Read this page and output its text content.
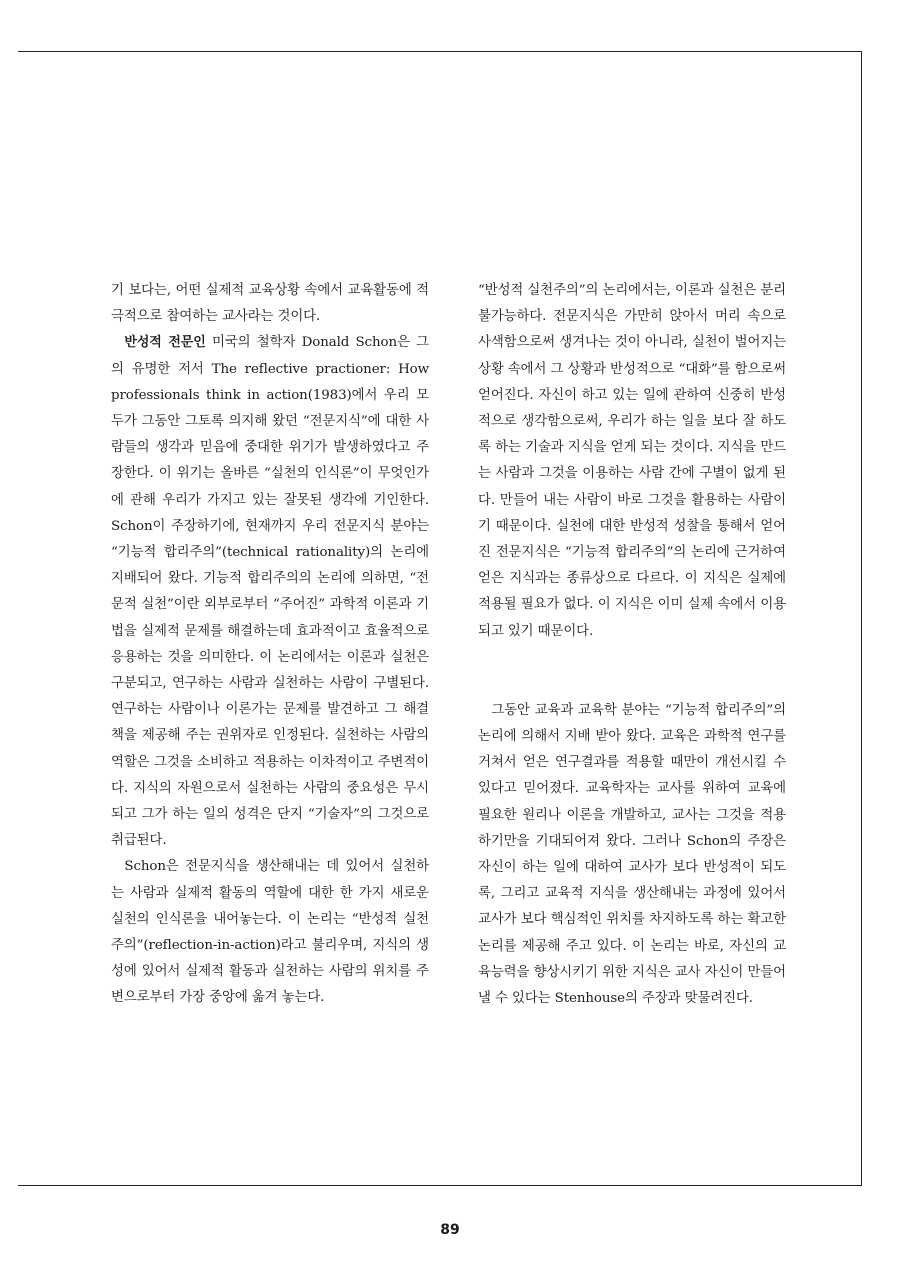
기 보다는, 어떤 실제적 교육상황 속에서 교육활동에 적극적으로 참여하는 교사라는 것이다.

반성적 전문인 미국의 철학자 Donald Schon은 그의 유명한 저서 The reflective practioner: How professionals think in action(1983)에서 우리 모두가 그동안 그토록 의지해 왔던 “전문지식”에 대한 사람들의 생각과 믿음에 중대한 위기가 발생하였다고 주장한다. 이 위기는 올바른 “실천의 인식론”이 무엇인가에 관해 우리가 가지고 있는 잘못된 생각에 기인한다. Schon이 주장하기에, 현재까지 우리 전문지식 분야는 “기능적 합리주의”(technical rationality)의 논리에 지배되어 왔다. 기능적 합리주의의 논리에 의하면, “전문적 실천”이란 외부로부터 “주어진” 과학적 이론과 기법을 실제적 문제를 해결하는데 효과적이고 효율적으로 응용하는 것을 의미한다. 이 논리에서는 이론과 실천은 구분되고, 연구하는 사람과 실천하는 사람이 구별된다. 연구하는 사람이나 이론가는 문제를 발견하고 그 해결책을 제공해 주는 권위자로 인정된다. 실천하는 사람의 역할은 그것을 소비하고 적용하는 이차적이고 주변적이다. 지식의 자원으로서 실천하는 사람의 중요성은 무시되고 그가 하는 일의 성격은 단지 “기술자”의 그것으로 취급된다.

Schon은 전문지식을 생산해내는 데 있어서 실천하는 사람과 실제적 활동의 역할에 대한 한 가지 새로운 실천의 인식론을 내어놓는다. 이 논리는 “반성적 실천주의”(reflection-in-action)라고 불리우며, 지식의 생성에 있어서 실제적 활동과 실천하는 사람의 위치를 주변으로부터 가장 중앙에 옮겨 놓는다.

“반성적 실천주의”의 논리에서는, 이론과 실천은 분리불가능하다. 전문지식은 가만히 앉아서 머리 속으로 사색함으로써 생겨나는 것이 아니라, 실천이 벌어지는 상황 속에서 그 상황과 반성적으로 “대화”를 함으로써 얻어진다. 자신이 하고 있는 일에 관하여 신중히 반성적으로 생각함으로써, 우리가 하는 일을 보다 잘 하도록 하는 기술과 지식을 얻게 되는 것이다. 지식을 만드는 사람과 그것을 이용하는 사람 간에 구별이 없게 된다. 만들어 내는 사람이 바로 그것을 활용하는 사람이기 때문이다. 실천에 대한 반성적 성찰을 통해서 얻어진 전문지식은 “기능적 합리주의”의 논리에 근거하여 얻은 지식과는 종류상으로 다르다. 이 지식은 실제에 적용될 필요가 없다. 이 지식은 이미 실제 속에서 이용되고 있기 때문이다.

그동안 교육과 교육학 분야는 “기능적 합리주의”의 논리에 의해서 지배 받아 왔다. 교육은 과학적 연구를 거쳐서 얻은 연구결과를 적용할 때만이 개선시킬 수 있다고 믿어졌다. 교육학자는 교사를 위하여 교육에 필요한 원리나 이론을 개발하고, 교사는 그것을 적용하기만을 기대되어져 왔다. 그러나 Schon의 주장은 자신이 하는 일에 대하여 교사가 보다 반성적이 되도록, 그리고 교육적 지식을 생산해내는 과정에 있어서 교사가 보다 핵심적인 위치를 차지하도록 하는 확고한 논리를 제공해 주고 있다. 이 논리는 바로, 자신의 교육능력을 향상시키기 위한 지식은 교사 자신이 만들어 낼 수 있다는 Stenhouse의 주장과 맞물려진다.

89
